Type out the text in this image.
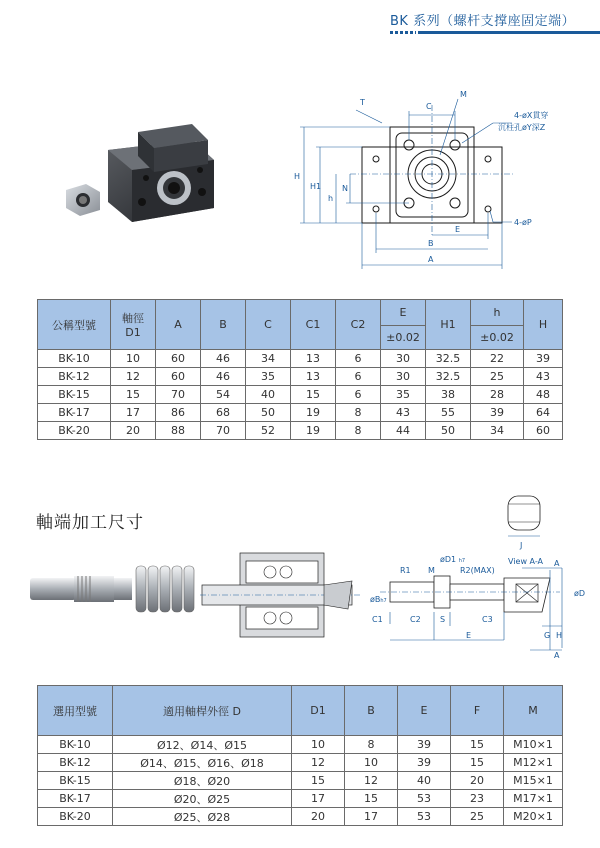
BK 系列（螺杆支撑座固定端）
T	C
M
H
H1
h
N
E
B
A
4-øX貫穿
沉柱孔øY深Z
4-øP
公稱型號	軸徑
D1	A	B	C	C1	C2	E	H1	h	H
							±0.02		±0.02	
BK-10	10	60	46	34	13	6	30	32.5	22	39
BK-12	12	60	46	35	13	6	30	32.5	25	43
BK-15	15	70	54	40	15	6	35	38	28	48
BK-17	17	86	68	50	19	8	43	55	39	64
BK-20	20	88	70	52	19	8	44	50	34	60
軸端加工尺寸
J
View A-A
R1 M
øD1 h7
R2(MAX)
øBh7
A
A
øD
C1	C2 S	C3
E	G H
選用型號	適用軸桿外徑 D	D1	B	E	F	M
BK-10	Ø12、Ø14、Ø15	10	8	39	15	M10×1
BK-12	Ø14、Ø15、Ø16、Ø18	12	10	39	15	M12×1
BK-15	Ø18、Ø20	15	12	40	20	M15×1
BK-17	Ø20、Ø25	17	15	53	23	M17×1
BK-20	Ø25、Ø28	20	17	53	25	M20×1
